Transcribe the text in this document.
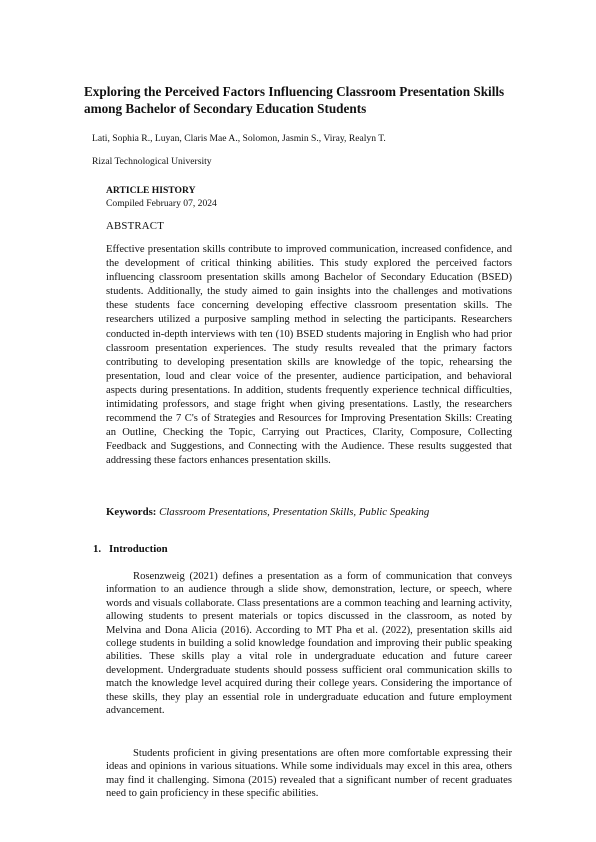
Exploring the Perceived Factors Influencing Classroom Presentation Skills among Bachelor of Secondary Education Students

Lati, Sophia R., Luyan, Claris Mae A., Solomon, Jasmin S., Viray, Realyn T.

Rizal Technological University

ARTICLE HISTORY

Compiled February 07, 2024

ABSTRACT

Effective presentation skills contribute to improved communication, increased confidence, and the development of critical thinking abilities. This study explored the perceived factors influencing classroom presentation skills among Bachelor of Secondary Education (BSED) students. Additionally, the study aimed to gain insights into the challenges and motivations these students face concerning developing effective classroom presentation skills. The researchers utilized a purposive sampling method in selecting the participants. Researchers conducted in-depth interviews with ten (10) BSED students majoring in English who had prior classroom presentation experiences. The study results revealed that the primary factors contributing to developing presentation skills are knowledge of the topic, rehearsing the presentation, loud and clear voice of the presenter, audience participation, and behavioral aspects during presentations. In addition, students frequently experience technical difficulties, intimidating professors, and stage fright when giving presentations. Lastly, the researchers recommend the 7 C's of Strategies and Resources for Improving Presentation Skills: Creating an Outline, Checking the Topic, Carrying out Practices, Clarity, Composure, Collecting Feedback and Suggestions, and Connecting with the Audience. These results suggested that addressing these factors enhances presentation skills.

Keywords: Classroom Presentations, Presentation Skills, Public Speaking

1. Introduction

Rosenzweig (2021) defines a presentation as a form of communication that conveys information to an audience through a slide show, demonstration, lecture, or speech, where words and visuals collaborate. Class presentations are a common teaching and learning activity, allowing students to present materials or topics discussed in the classroom, as noted by Melvina and Dona Alicia (2016). According to MT Pha et al. (2022), presentation skills aid college students in building a solid knowledge foundation and improving their public speaking abilities. These skills play a vital role in undergraduate education and future career development. Undergraduate students should possess sufficient oral communication skills to match the knowledge level acquired during their college years. Considering the importance of these skills, they play an essential role in undergraduate education and future employment advancement.

Students proficient in giving presentations are often more comfortable expressing their ideas and opinions in various situations. While some individuals may excel in this area, others may find it challenging. Simona (2015) revealed that a significant number of recent graduates need to gain proficiency in these specific abilities.
